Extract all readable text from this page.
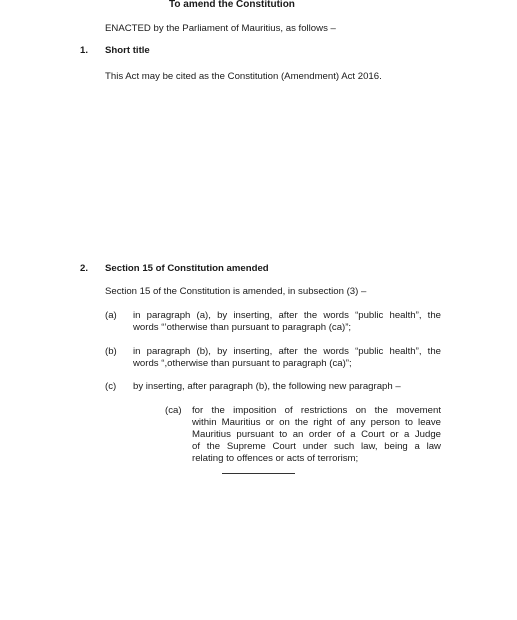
To amend the Constitution
ENACTED by the Parliament of Mauritius, as follows –
1. Short title
This Act may be cited as the Constitution (Amendment) Act 2016.
2. Section 15 of Constitution amended
Section 15 of the Constitution is amended, in subsection (3) –
(a) in paragraph (a), by inserting, after the words “public health”, the
words “’otherwise than pursuant to paragraph (ca)”;
(b) in paragraph (b), by inserting, after the words “public health”, the
words “,otherwise than pursuant to paragraph (ca)”;
(c) by inserting, after paragraph (b), the following new paragraph –
(ca) for the imposition of restrictions on the movement
within Mauritius or on the right of any person to leave
Mauritius pursuant to an order of a Court or a Judge
of the Supreme Court under such law, being a law
relating to offences or acts of terrorism;
